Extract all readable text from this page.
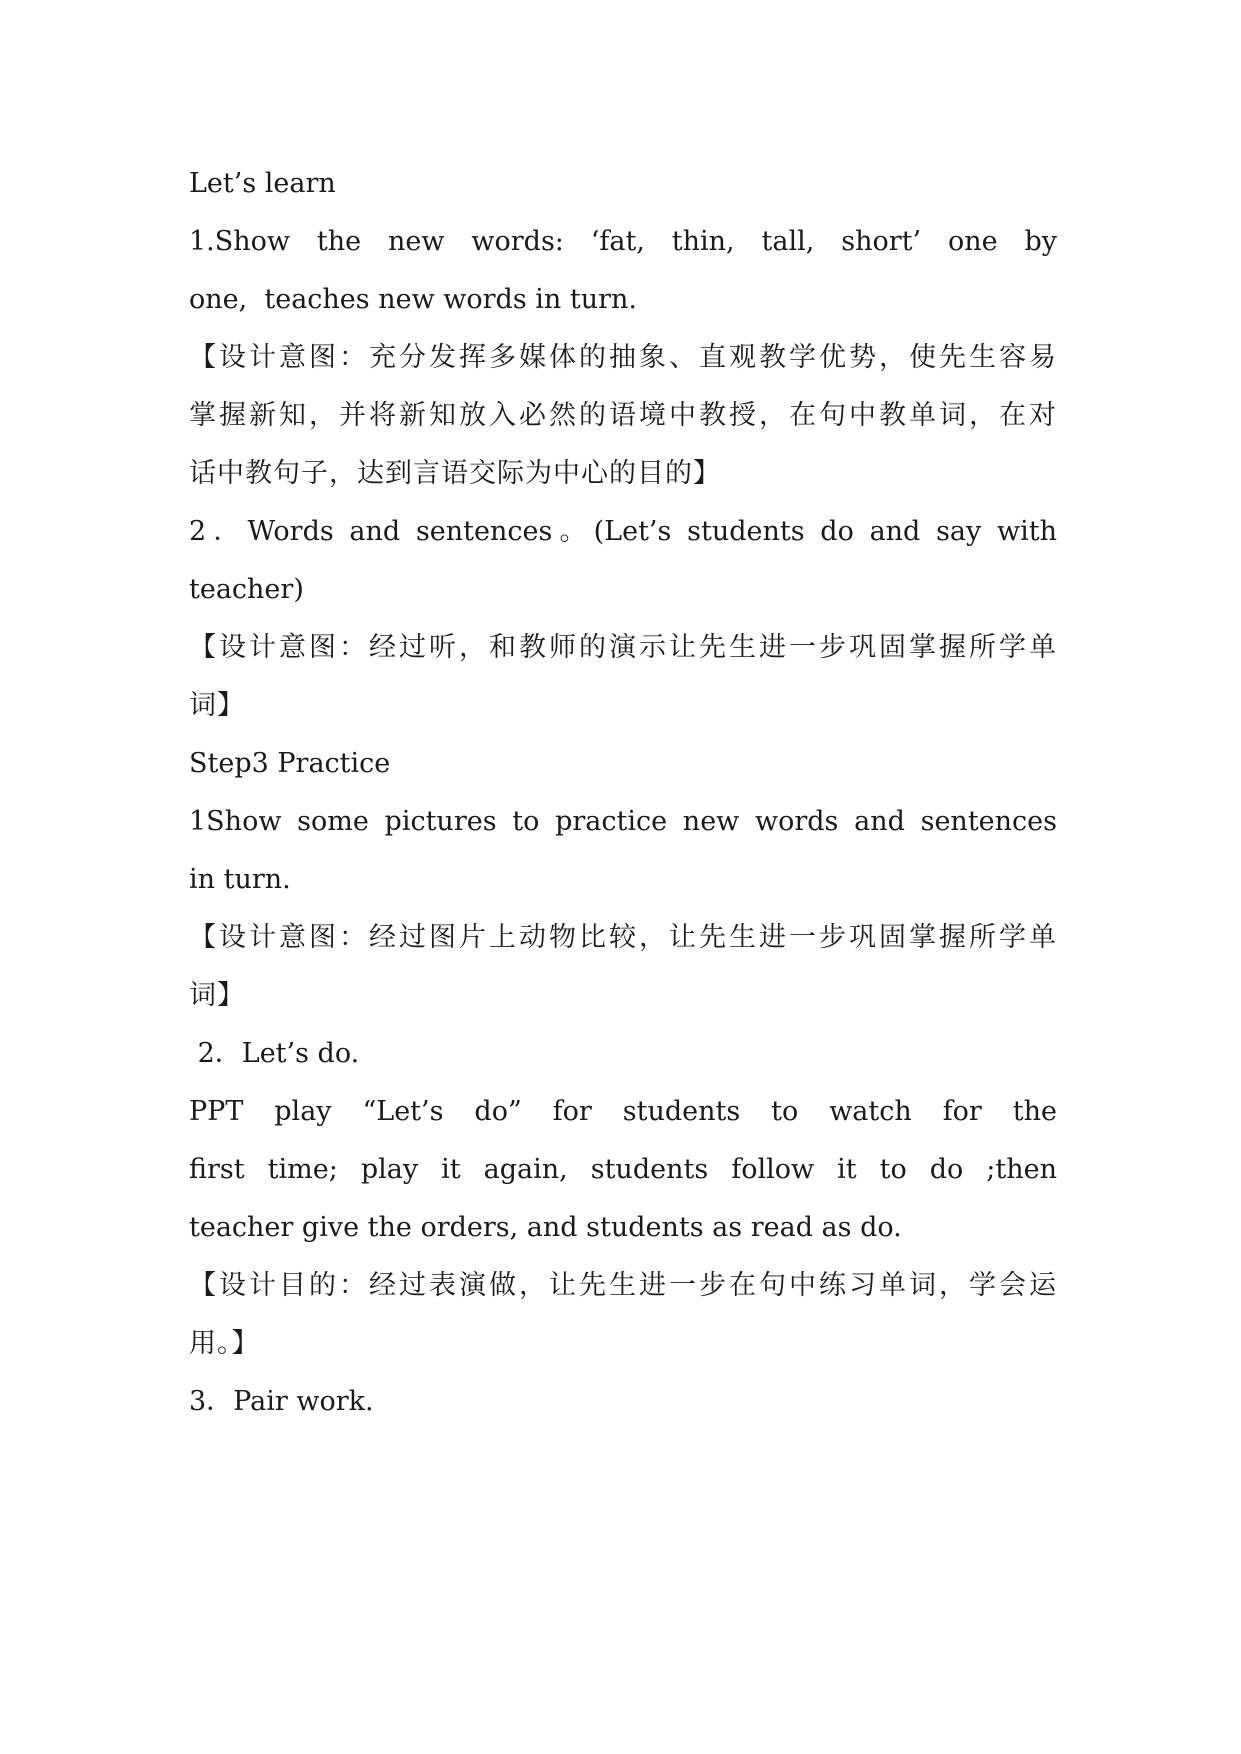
Let’s learn
1.Show the new words: ‘fat, thin, tall, short’ one by
one,  teaches new words in turn.
【设计意图：充分发挥多媒体的抽象、直观教学优势，使先生容易
掌握新知，并将新知放入必然的语境中教授，在句中教单词，在对
话中教句子，达到言语交际为中心的目的】
2．Words and sentences。(Let’s students do and say with
teacher)
【设计意图：经过听，和教师的演示让先生进一步巩固掌握所学单
词】
Step3 Practice
1Show some pictures to practice new words and sentences
in turn.
【设计意图：经过图片上动物比较，让先生进一步巩固掌握所学单
词】
2．Let’s do.
PPT play “Let’s do” for students to watch for the
first time; play it again, students follow it to do ;then
teacher give the orders, and students as read as do.
【设计目的：经过表演做，让先生进一步在句中练习单词，学会运
用。】
3．Pair work.
